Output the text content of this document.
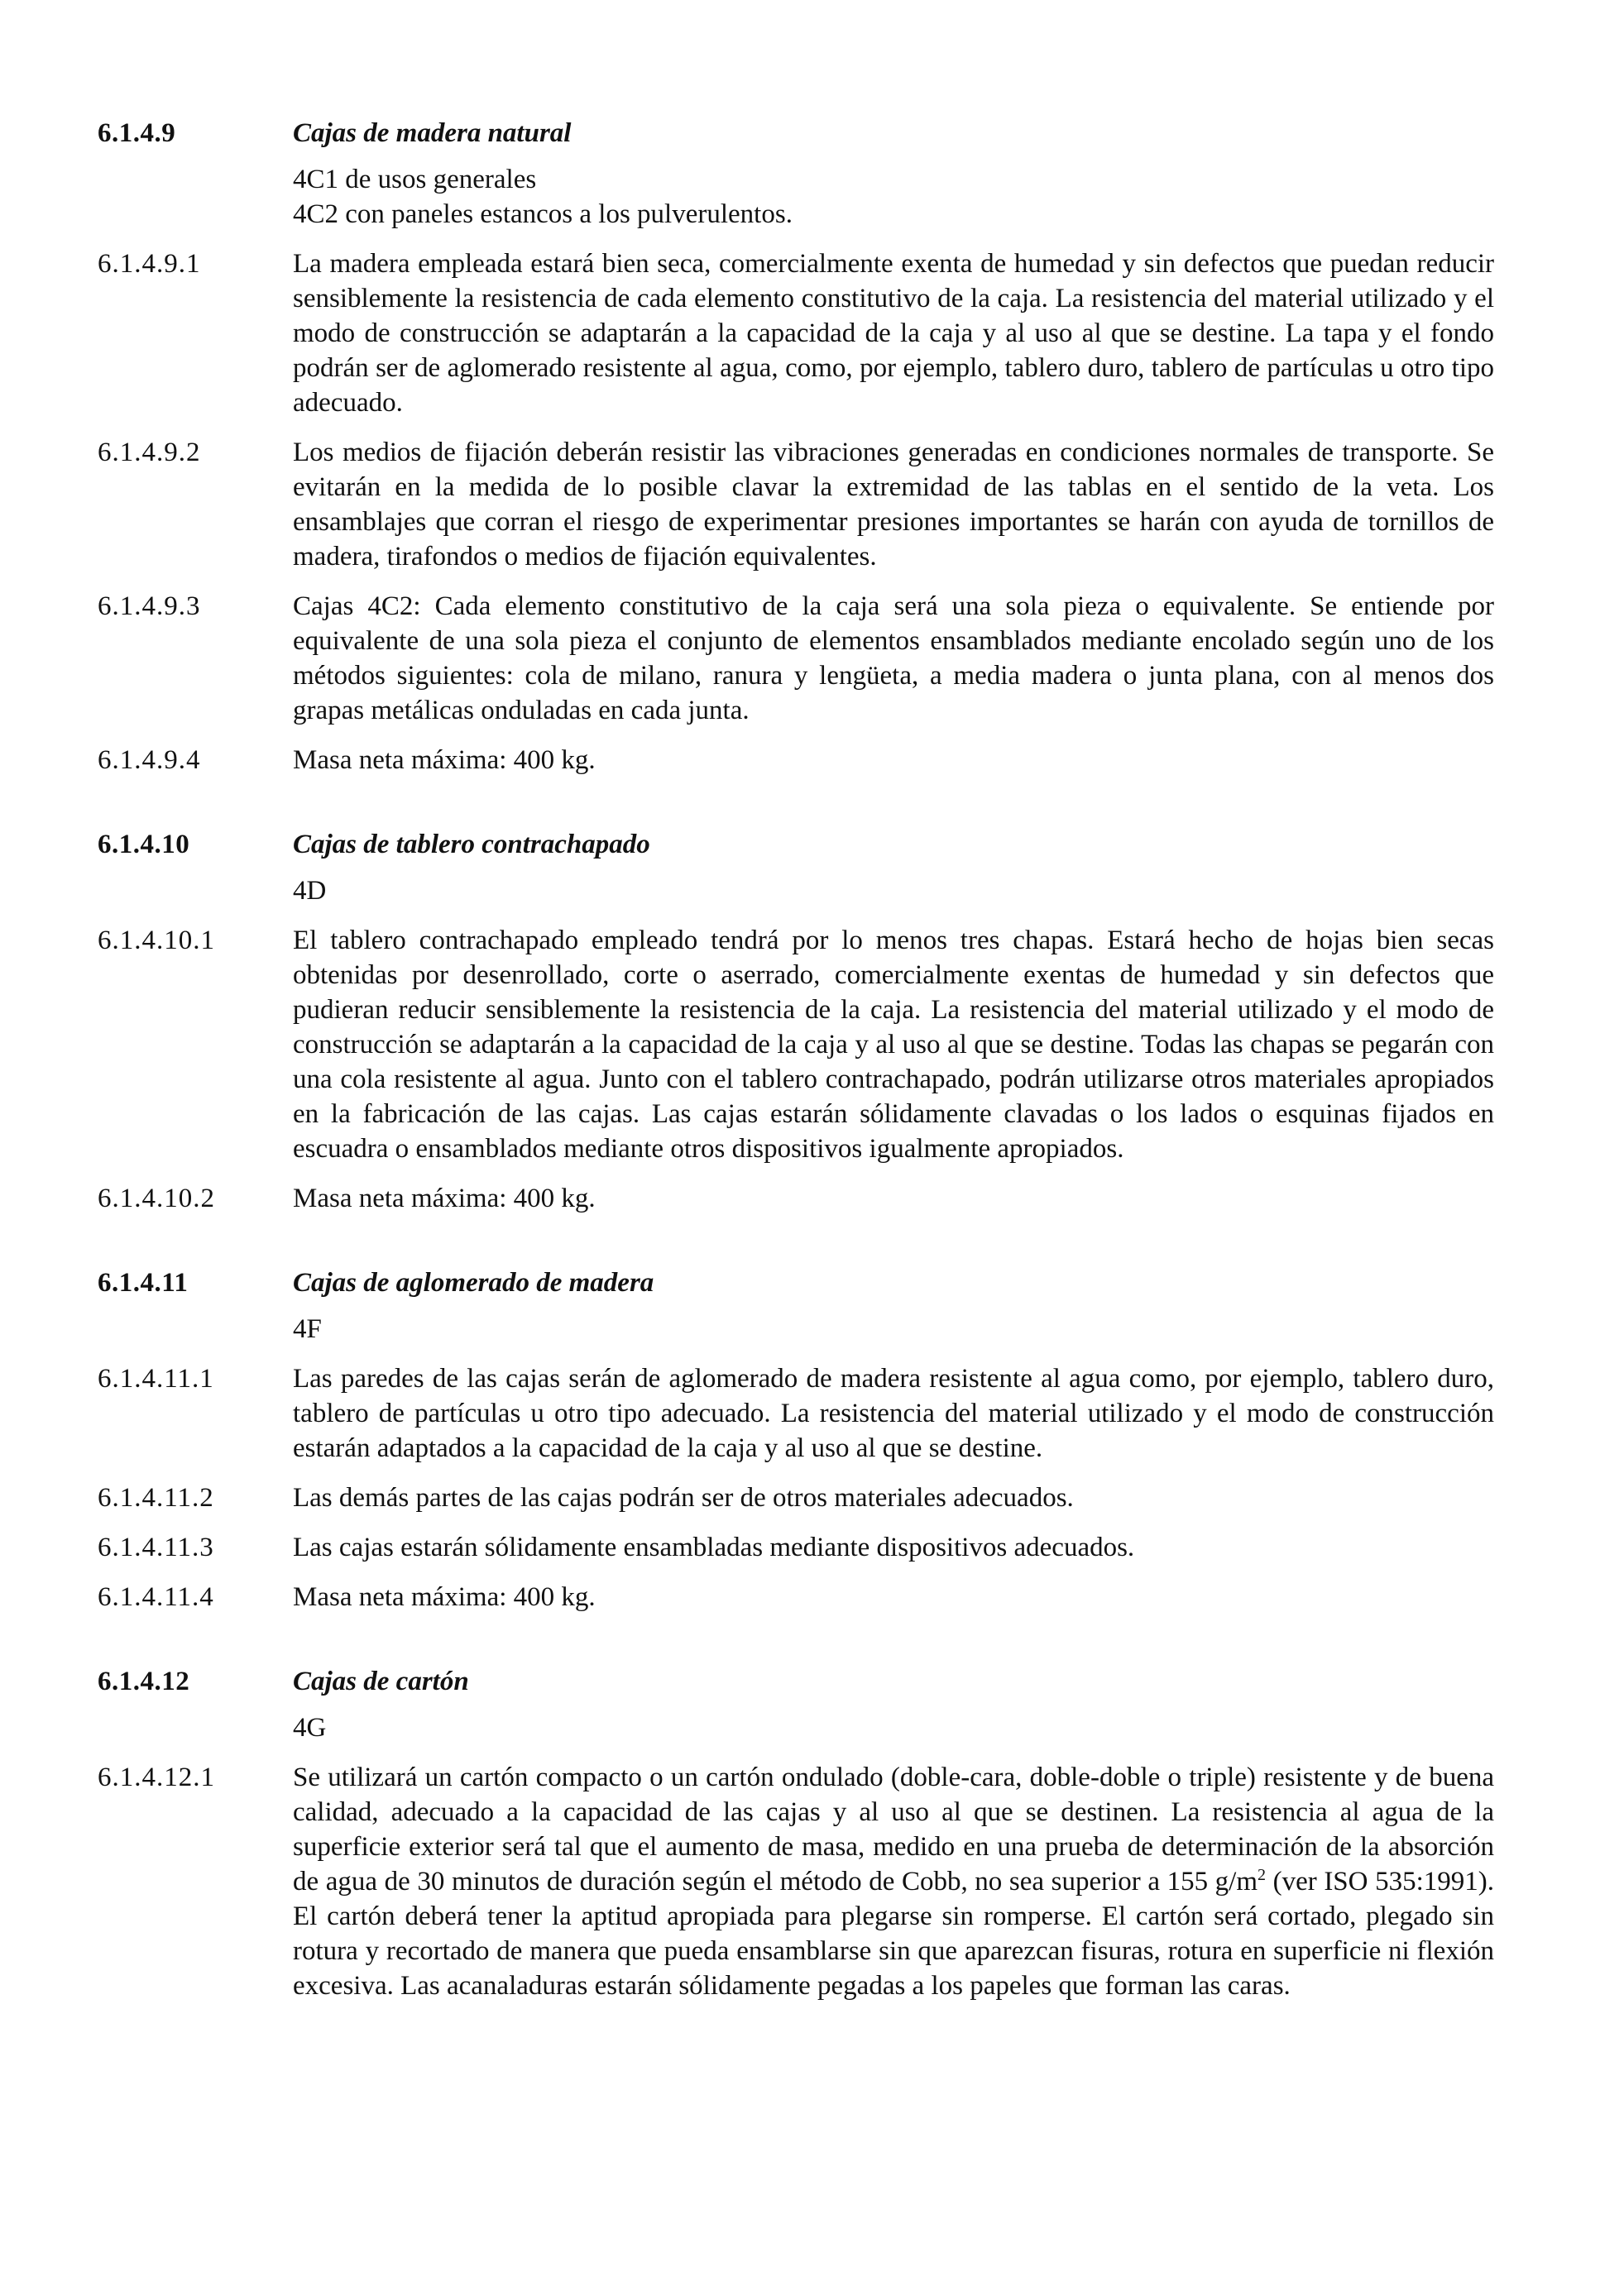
6.1.4.9	Cajas de madera natural
4C1 de usos generales
4C2 con paneles estancos a los pulverulentos.
6.1.4.9.1	La madera empleada estará bien seca, comercialmente exenta de humedad y sin defectos que puedan reducir sensiblemente la resistencia de cada elemento constitutivo de la caja. La resistencia del material utilizado y el modo de construcción se adaptarán a la capacidad de la caja y al uso al que se destine. La tapa y el fondo podrán ser de aglomerado resistente al agua, como, por ejemplo, tablero duro, tablero de partículas u otro tipo adecuado.
6.1.4.9.2	Los medios de fijación deberán resistir las vibraciones generadas en condiciones normales de transporte. Se evitarán en la medida de lo posible clavar la extremidad de las tablas en el sentido de la veta. Los ensamblajes que corran el riesgo de experimentar presiones importantes se harán con ayuda de tornillos de madera, tirafondos o medios de fijación equivalentes.
6.1.4.9.3	Cajas 4C2: Cada elemento constitutivo de la caja será una sola pieza o equivalente. Se entiende por equivalente de una sola pieza el conjunto de elementos ensamblados mediante encolado según uno de los métodos siguientes: cola de milano, ranura y lengüeta, a media madera o junta plana, con al menos dos grapas metálicas onduladas en cada junta.
6.1.4.9.4	Masa neta máxima: 400 kg.
6.1.4.10	Cajas de tablero contrachapado
4D
6.1.4.10.1	El tablero contrachapado empleado tendrá por lo menos tres chapas. Estará hecho de hojas bien secas obtenidas por desenrollado, corte o aserrado, comercialmente exentas de humedad y sin defectos que pudieran reducir sensiblemente la resistencia de la caja. La resistencia del material utilizado y el modo de construcción se adaptarán a la capacidad de la caja y al uso al que se destine. Todas las chapas se pegarán con una cola resistente al agua. Junto con el tablero contrachapado, podrán utilizarse otros materiales apropiados en la fabricación de las cajas. Las cajas estarán sólidamente clavadas o los lados o esquinas fijados en escuadra o ensamblados mediante otros dispositivos igualmente apropiados.
6.1.4.10.2	Masa neta máxima: 400 kg.
6.1.4.11	Cajas de aglomerado de madera
4F
6.1.4.11.1	Las paredes de las cajas serán de aglomerado de madera resistente al agua como, por ejemplo, tablero duro, tablero de partículas u otro tipo adecuado. La resistencia del material utilizado y el modo de construcción estarán adaptados a la capacidad de la caja y al uso al que se destine.
6.1.4.11.2	Las demás partes de las cajas podrán ser de otros materiales adecuados.
6.1.4.11.3	Las cajas estarán sólidamente ensambladas mediante dispositivos adecuados.
6.1.4.11.4	Masa neta máxima: 400 kg.
6.1.4.12	Cajas de cartón
4G
6.1.4.12.1	Se utilizará un cartón compacto o un cartón ondulado (doble-cara, doble-doble o triple) resistente y de buena calidad, adecuado a la capacidad de las cajas y al uso al que se destinen. La resistencia al agua de la superficie exterior será tal que el aumento de masa, medido en una prueba de determinación de la absorción de agua de 30 minutos de duración según el método de Cobb, no sea superior a 155 $g/m^2$ (ver ISO 535:1991). El cartón deberá tener la aptitud apropiada para plegarse sin romperse. El cartón será cortado, plegado sin rotura y recortado de manera que pueda ensamblarse sin que aparezcan fisuras, rotura en superficie ni flexión excesiva. Las acanaladuras estarán sólidamente pegadas a los papeles que forman las caras.
